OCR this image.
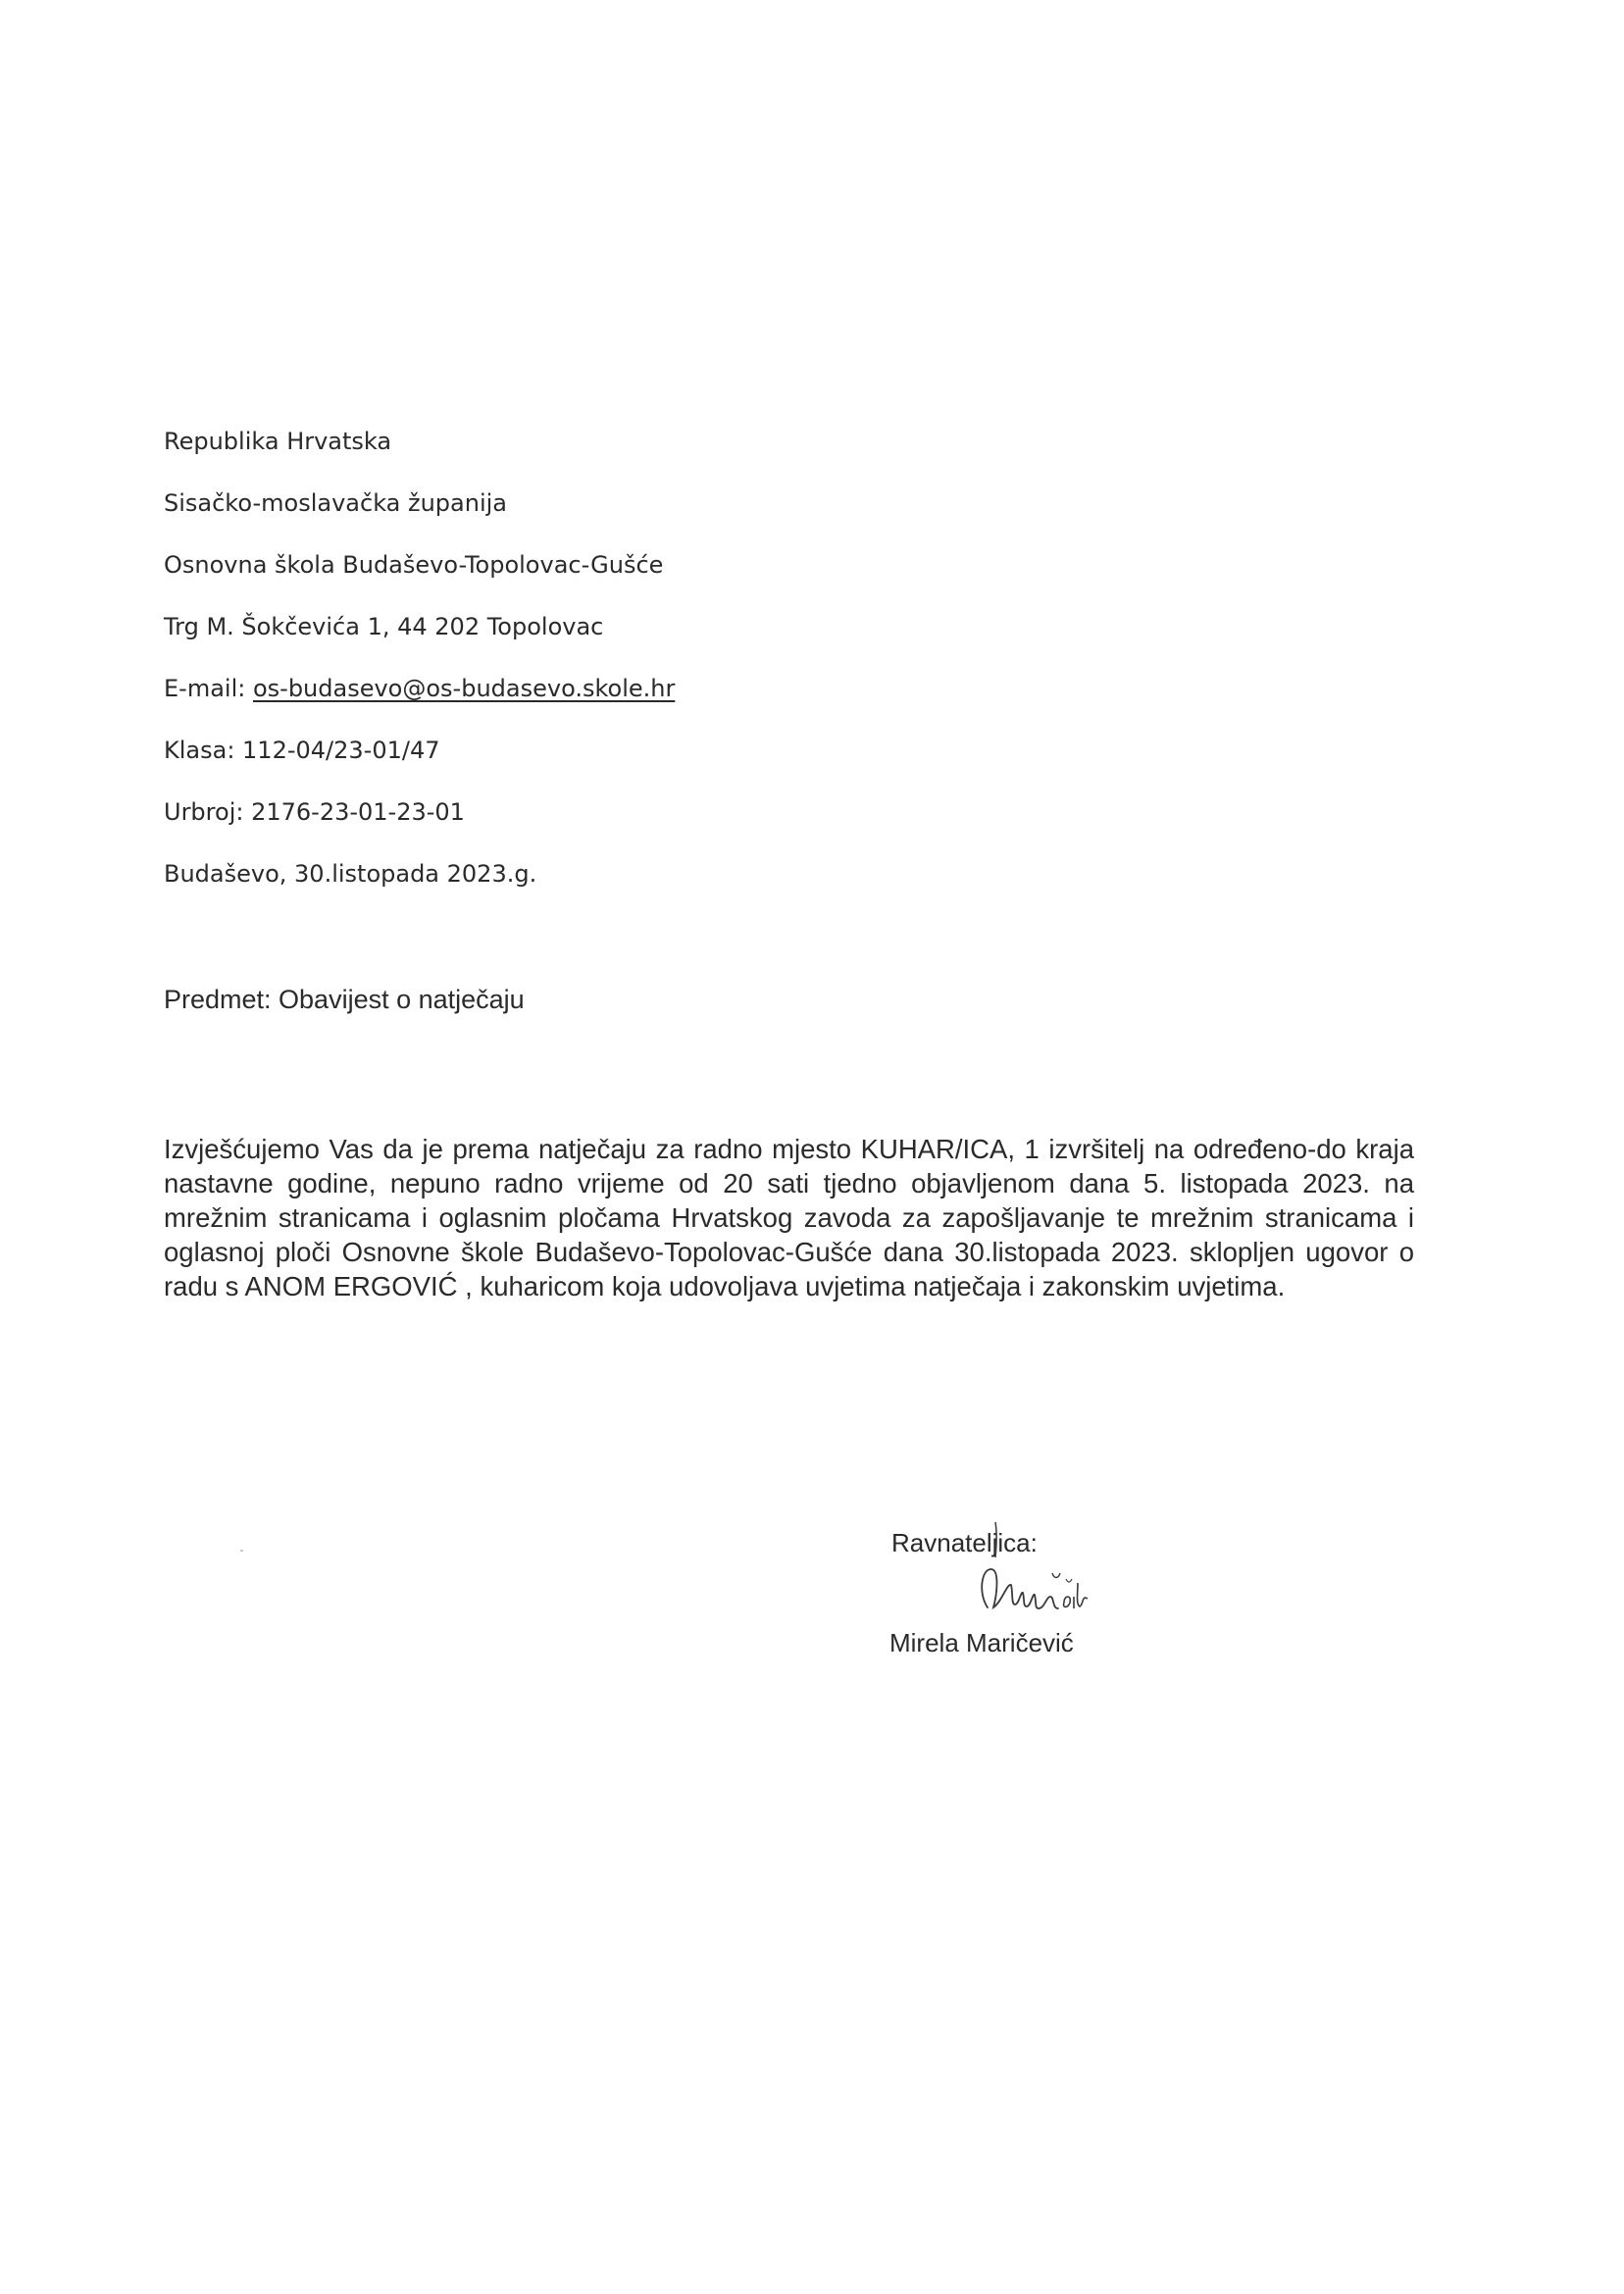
Republika Hrvatska
Sisačko-moslavačka županija
Osnovna škola Budaševo-Topolovac-Gušće
Trg M. Šokčevića 1, 44 202 Topolovac
E-mail: os-budasevo@os-budasevo.skole.hr
Klasa: 112-04/23-01/47
Urbroj: 2176-23-01-23-01
Budaševo, 30.listopada 2023.g.
Predmet: Obavijest o natječaju

Izvješćujemo Vas da je prema natječaju za radno mjesto KUHAR/ICA, 1 izvršitelj na određeno-do kraja nastavne godine, nepuno radno vrijeme od 20 sati tjedno objavljenom dana 5. listopada 2023. na mrežnim stranicama i oglasnim pločama Hrvatskog zavoda za zapošljavanje te mrežnim stranicama i oglasnoj ploči Osnovne škole Budaševo-Topolovac-Gušće dana 30.listopada 2023. sklopljen ugovor o radu s ANOM ERGOVIĆ , kuharicom koja udovoljava uvjetima natječaja i zakonskim uvjetima.

Ravnateljica:
Mirela Maričević
